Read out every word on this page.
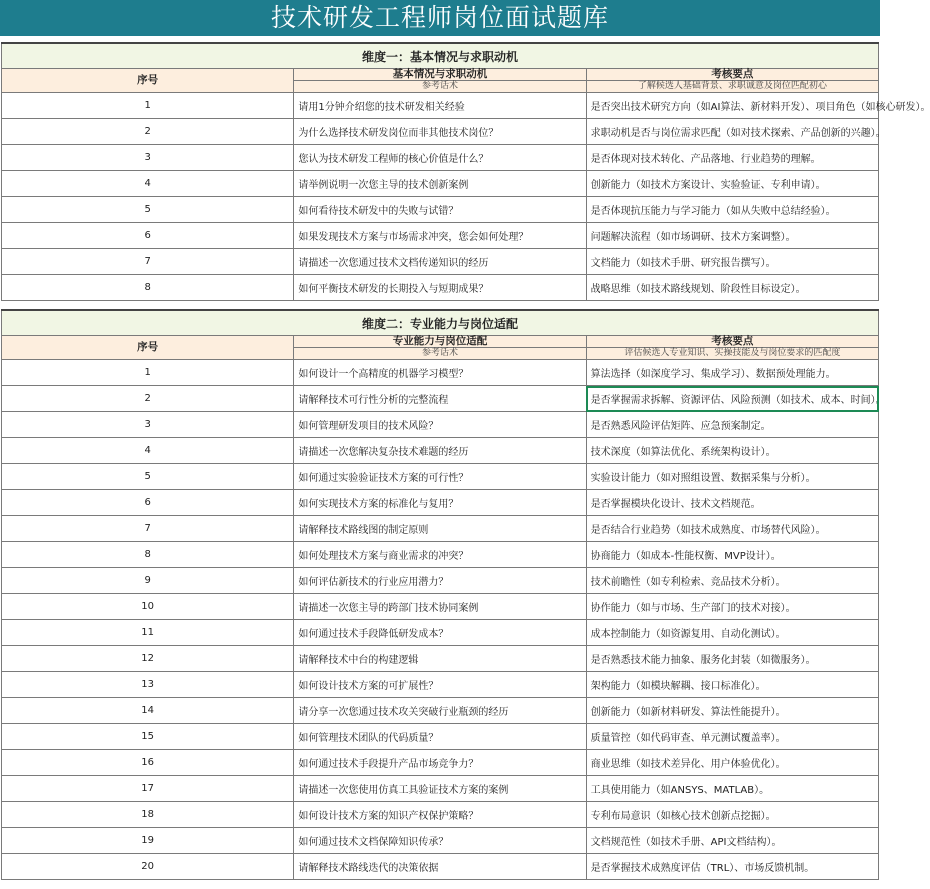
技术研发工程师岗位面试题库
维度一：基本情况与求职动机		
序号	基本情况与求职动机	考核要点
	参考话术	了解候选人基础背景、求职诚意及岗位匹配初心
1	请用1分钟介绍您的技术研发相关经验	是否突出技术研究方向（如AI算法、新材料开发）、项目角色（如核心研发）。
2	为什么选择技术研发岗位而非其他技术岗位？	求职动机是否与岗位需求匹配（如对技术探索、产品创新的兴趣）。
3	您认为技术研发工程师的核心价值是什么？	是否体现对技术转化、产品落地、行业趋势的理解。
4	请举例说明一次您主导的技术创新案例	创新能力（如技术方案设计、实验验证、专利申请）。
5	如何看待技术研发中的失败与试错？	是否体现抗压能力与学习能力（如从失败中总结经验）。
6	如果发现技术方案与市场需求冲突，您会如何处理？	问题解决流程（如市场调研、技术方案调整）。
7	请描述一次您通过技术文档传递知识的经历	文档能力（如技术手册、研究报告撰写）。
8	如何平衡技术研发的长期投入与短期成果？	战略思维（如技术路线规划、阶段性目标设定）。
维度二：专业能力与岗位适配		
序号	专业能力与岗位适配	考核要点
	参考话术	评估候选人专业知识、实操技能及与岗位要求的匹配度
1	如何设计一个高精度的机器学习模型？	算法选择（如深度学习、集成学习）、数据预处理能力。
2	请解释技术可行性分析的完整流程	是否掌握需求拆解、资源评估、风险预测（如技术、成本、时间）。
3	如何管理研发项目的技术风险？	是否熟悉风险评估矩阵、应急预案制定。
4	请描述一次您解决复杂技术难题的经历	技术深度（如算法优化、系统架构设计）。
5	如何通过实验验证技术方案的可行性？	实验设计能力（如对照组设置、数据采集与分析）。
6	如何实现技术方案的标准化与复用？	是否掌握模块化设计、技术文档规范。
7	请解释技术路线图的制定原则	是否结合行业趋势（如技术成熟度、市场替代风险）。
8	如何处理技术方案与商业需求的冲突？	协商能力（如成本-性能权衡、MVP设计）。
9	如何评估新技术的行业应用潜力？	技术前瞻性（如专利检索、竞品技术分析）。
10	请描述一次您主导的跨部门技术协同案例	协作能力（如与市场、生产部门的技术对接）。
11	如何通过技术手段降低研发成本？	成本控制能力（如资源复用、自动化测试）。
12	请解释技术中台的构建逻辑	是否熟悉技术能力抽象、服务化封装（如微服务）。
13	如何设计技术方案的可扩展性？	架构能力（如模块解耦、接口标准化）。
14	请分享一次您通过技术攻关突破行业瓶颈的经历	创新能力（如新材料研发、算法性能提升）。
15	如何管理技术团队的代码质量？	质量管控（如代码审查、单元测试覆盖率）。
16	如何通过技术手段提升产品市场竞争力？	商业思维（如技术差异化、用户体验优化）。
17	请描述一次您使用仿真工具验证技术方案的案例	工具使用能力（如ANSYS、MATLAB）。
18	如何设计技术方案的知识产权保护策略？	专利布局意识（如核心技术创新点挖掘）。
19	如何通过技术文档保障知识传承？	文档规范性（如技术手册、API文档结构）。
20	请解释技术路线迭代的决策依据	是否掌握技术成熟度评估（TRL）、市场反馈机制。
